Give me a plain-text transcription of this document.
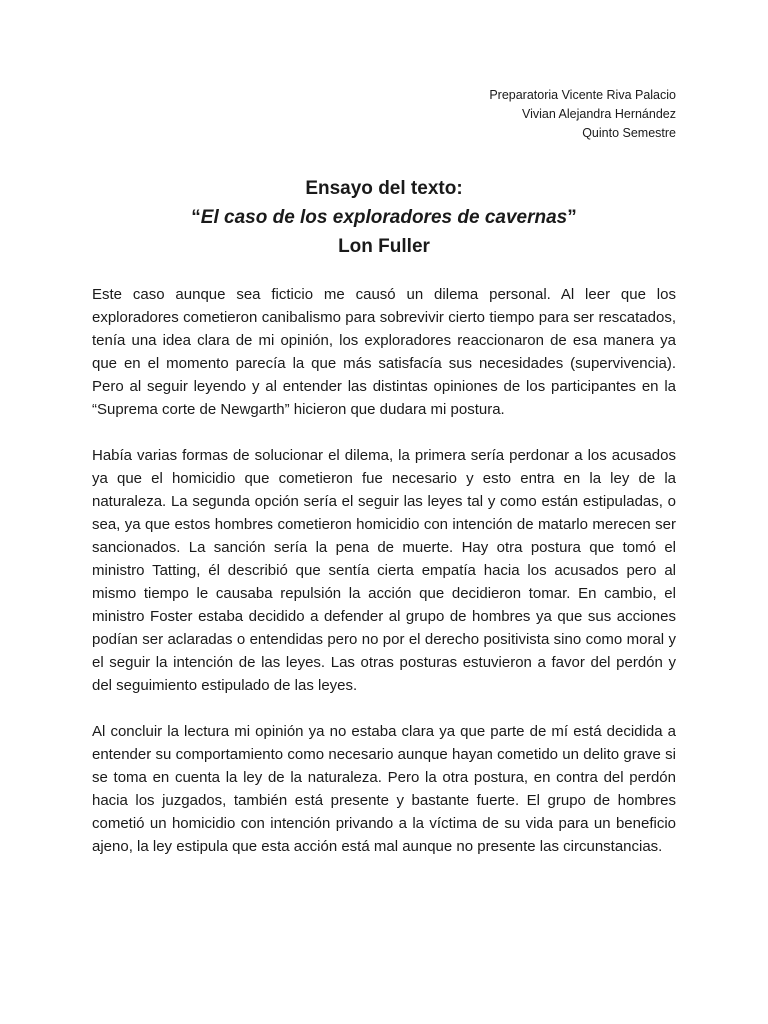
Preparatoria Vicente Riva Palacio
Vivian Alejandra Hernández
Quinto Semestre
Ensayo del texto:
“El caso de los exploradores de cavernas”
Lon Fuller

Este caso aunque sea ficticio me causó un dilema personal. Al leer que los exploradores cometieron canibalismo para sobrevivir cierto tiempo para ser rescatados, tenía una idea clara de mi opinión, los exploradores reaccionaron de esa manera ya que en el momento parecía la que más satisfacía sus necesidades (supervivencia). Pero al seguir leyendo y al entender las distintas opiniones de los participantes en la “Suprema corte de Newgarth” hicieron que dudara mi postura.

Había varias formas de solucionar el dilema, la primera sería perdonar a los acusados ya que el homicidio que cometieron fue necesario y esto entra en la ley de la naturaleza. La segunda opción sería el seguir las leyes tal y como están estipuladas, o sea, ya que estos hombres cometieron homicidio con intención de matarlo merecen ser sancionados. La sanción sería la pena de muerte. Hay otra postura que tomó el ministro Tatting, él describió que sentía cierta empatía hacia los acusados pero al mismo tiempo le causaba repulsión la acción que decidieron tomar. En cambio, el ministro Foster estaba decidido a defender al grupo de hombres ya que sus acciones podían ser aclaradas o entendidas pero no por el derecho positivista sino como moral y el seguir la intención de las leyes. Las otras posturas estuvieron a favor del perdón y del seguimiento estipulado de las leyes.

Al concluir la lectura mi opinión ya no estaba clara ya que parte de mí está decidida a entender su comportamiento como necesario aunque hayan cometido un delito grave si se toma en cuenta la ley de la naturaleza. Pero la otra postura, en contra del perdón hacia los juzgados, también está presente y bastante fuerte. El grupo de hombres cometió un homicidio con intención privando a la víctima de su vida para un beneficio ajeno, la ley estipula que esta acción está mal aunque no presente las circunstancias.
